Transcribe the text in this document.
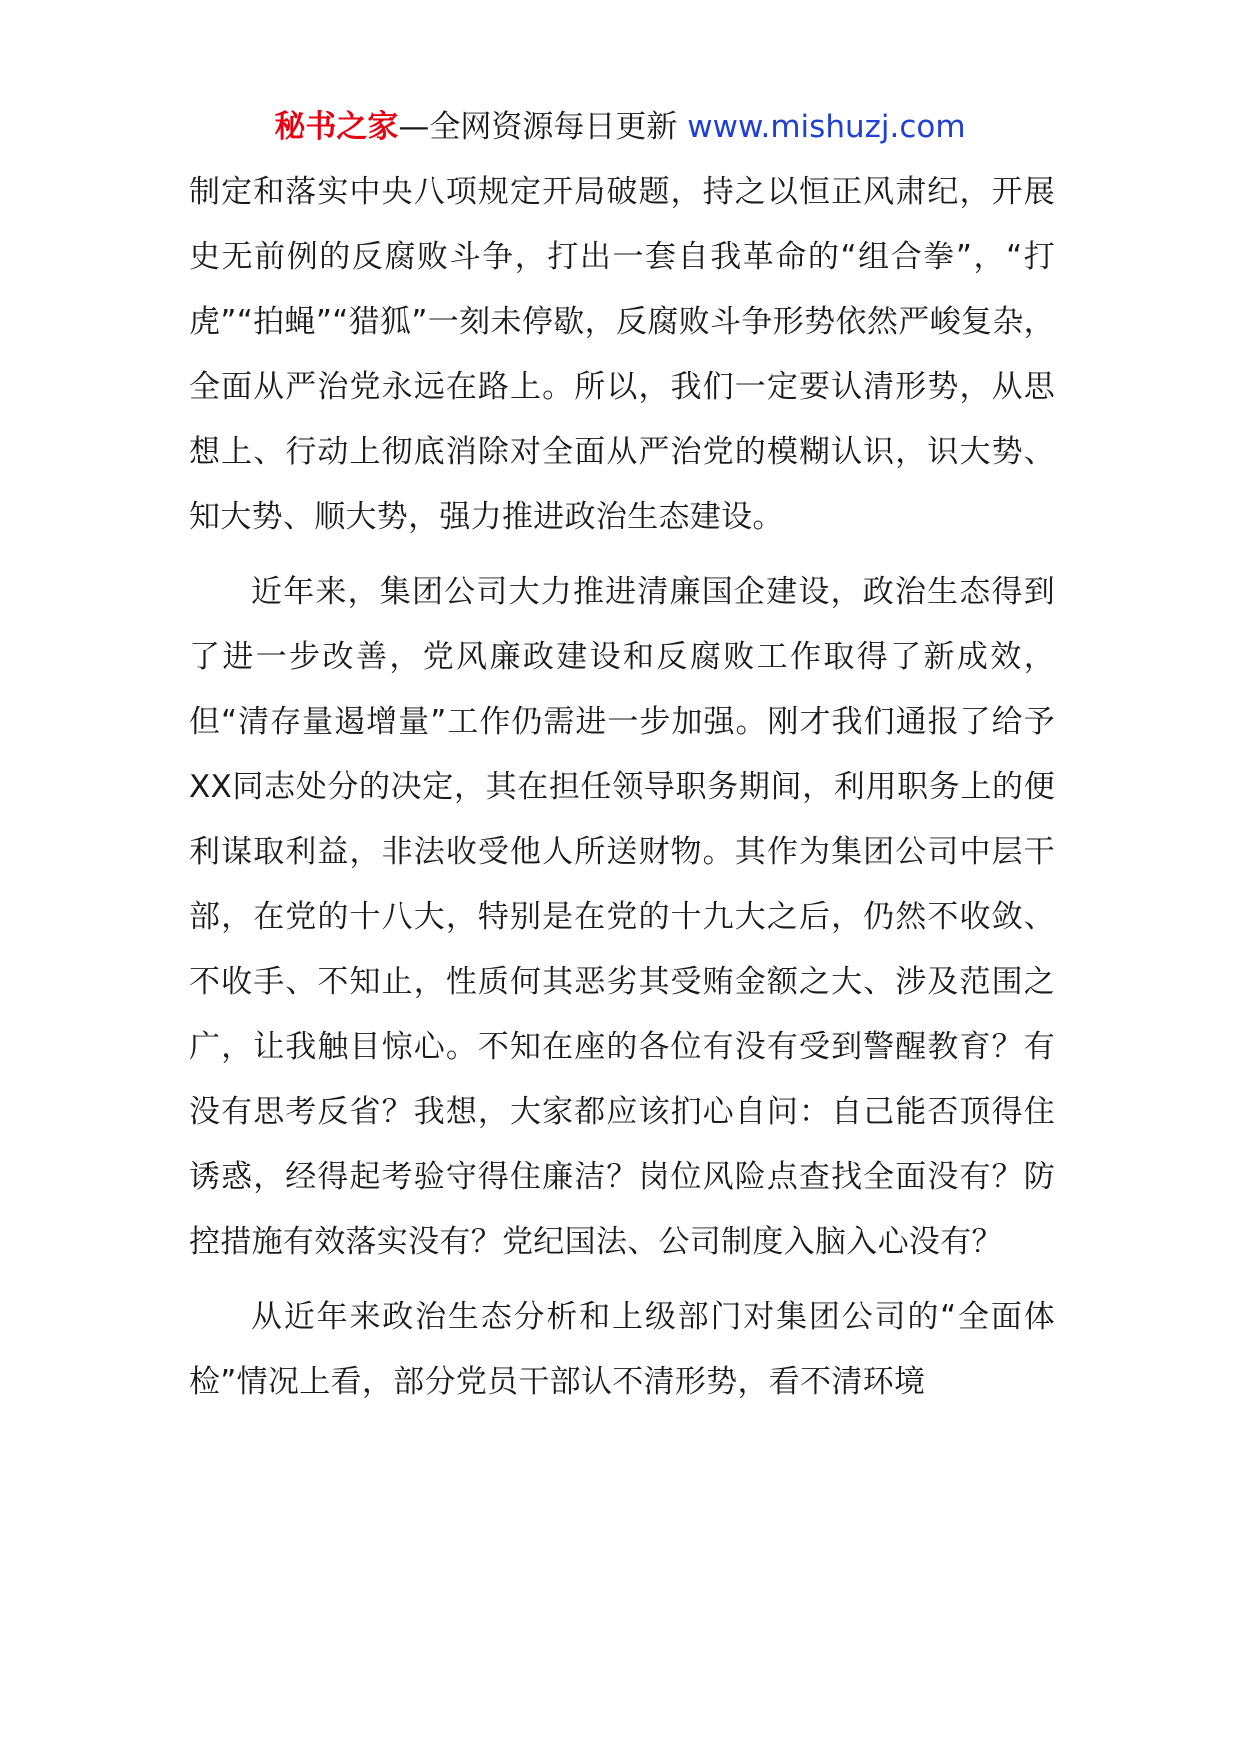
秘书之家—全网资源每日更新 www.mishuzj.com

制定和落实中央八项规定开局破题，持之以恒正风肃纪，开展史无前例的反腐败斗争，打出一套自我革命的“组合拳”，“打虎”“拍蝇”“猎狐”一刻未停歇，反腐败斗争形势依然严峻复杂，全面从严治党永远在路上。所以，我们一定要认清形势，从思想上、行动上彻底消除对全面从严治党的模糊认识，识大势、知大势、顺大势，强力推进政治生态建设。

近年来，集团公司大力推进清廉国企建设，政治生态得到了进一步改善，党风廉政建设和反腐败工作取得了新成效，但“清存量遏增量”工作仍需进一步加强。刚才我们通报了给予XX同志处分的决定，其在担任领导职务期间，利用职务上的便利谋取利益，非法收受他人所送财物。其作为集团公司中层干部，在党的十八大，特别是在党的十九大之后，仍然不收敛、不收手、不知止，性质何其恶劣其受贿金额之大、涉及范围之广，让我触目惊心。不知在座的各位有没有受到警醒教育？有没有思考反省？我想，大家都应该扪心自问：自己能否顶得住诱惑，经得起考验守得住廉洁？岗位风险点查找全面没有？防控措施有效落实没有？党纪国法、公司制度入脑入心没有？

从近年来政治生态分析和上级部门对集团公司的“全面体检”情况上看，部分党员干部认不清形势，看不清环境
